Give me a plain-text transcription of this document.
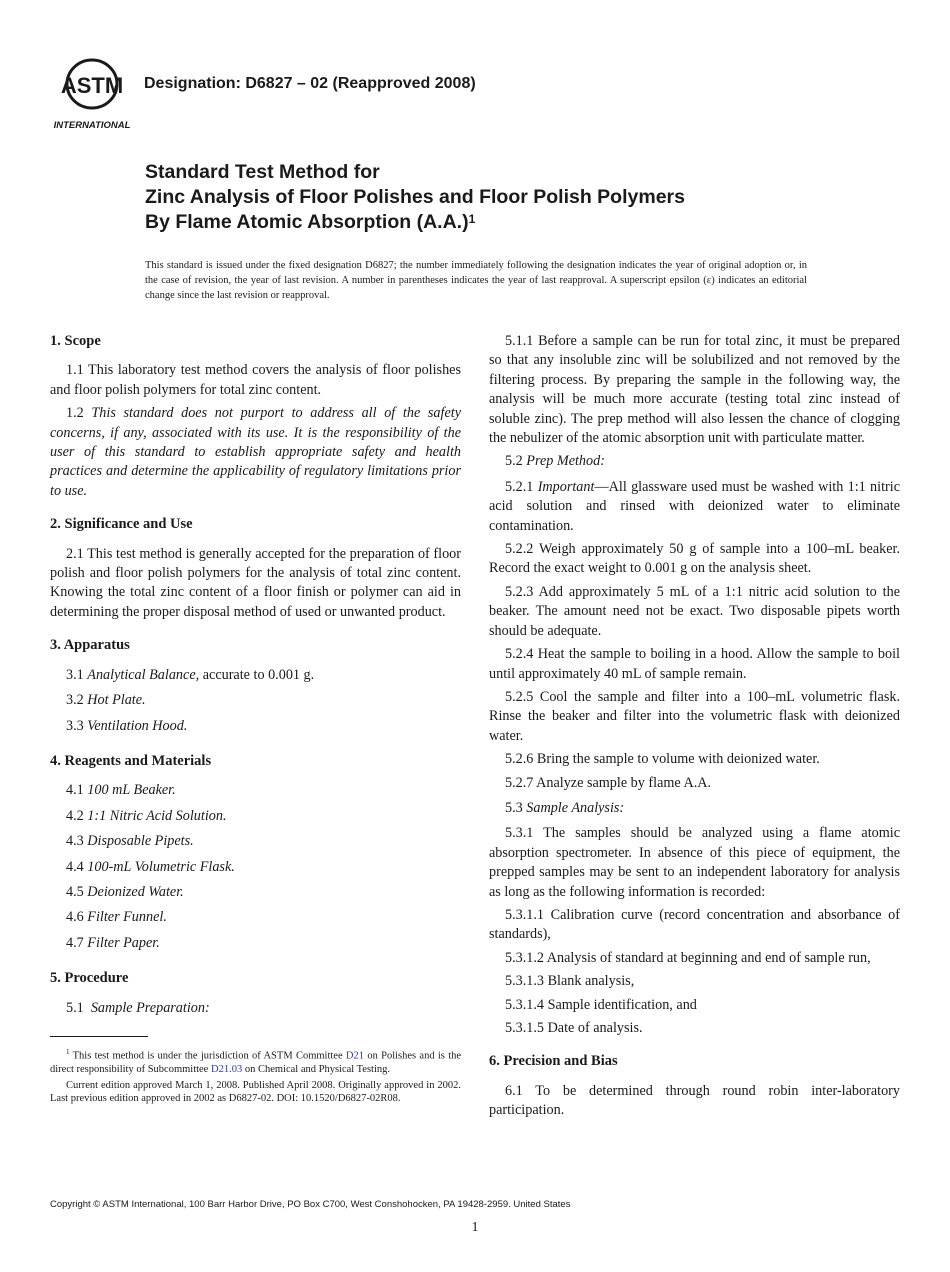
ASTM
INTERNATIONAL
Designation: D6827 – 02 (Reapproved 2008)
Standard Test Method for
Zinc Analysis of Floor Polishes and Floor Polish Polymers
By Flame Atomic Absorption $(A.A.)^1$
This standard is issued under the fixed designation D6827; the number immediately following the designation indicates the year of original adoption or, in the case of revision, the year of last revision. A number in parentheses indicates the year of last reapproval. A superscript epsilon (ε) indicates an editorial change since the last revision or reapproval.
1. Scope

1.1 This laboratory test method covers the analysis of floor polishes and floor polish polymers for total zinc content.

1.2 This standard does not purport to address all of the safety concerns, if any, associated with its use. It is the responsibility of the user of this standard to establish appropriate safety and health practices and determine the applicability of regulatory limitations prior to use.

2. Significance and Use

2.1 This test method is generally accepted for the preparation of floor polish and floor polish polymers for the analysis of total zinc content. Knowing the total zinc content of a floor finish or polymer can aid in determining the proper disposal method of used or unwanted product.

3. Apparatus

3.1 Analytical Balance, accurate to 0.001 g.

3.2 Hot Plate.

3.3 Ventilation Hood.

4. Reagents and Materials

4.1 100 mL Beaker.

4.2 1:1 Nitric Acid Solution.

4.3 Disposable Pipets.

4.4 100-mL Volumetric Flask.

4.5 Deionized Water.

4.6 Filter Funnel.

4.7 Filter Paper.

5. Procedure

5.1 Sample Preparation:

$^1$ This test method is under the jurisdiction of ASTM Committee D21 on Polishes and is the direct responsibility of Subcommittee D21.03 on Chemical and Physical Testing.

Current edition approved March 1, 2008. Published April 2008. Originally approved in 2002. Last previous edition approved in 2002 as D6827-02. DOI: 10.1520/D6827-02R08.

5.1.1 Before a sample can be run for total zinc, it must be prepared so that any insoluble zinc will be solubilized and not removed by the filtering process. By preparing the sample in the following way, the analysis will be much more accurate (testing total zinc instead of soluble zinc). The prep method will also lessen the chance of clogging the nebulizer of the atomic absorption unit with particulate matter.

5.2 Prep Method:

5.2.1 Important—All glassware used must be washed with 1:1 nitric acid solution and rinsed with deionized water to eliminate contamination.

5.2.2 Weigh approximately 50 g of sample into a 100–mL beaker. Record the exact weight to 0.001 g on the analysis sheet.

5.2.3 Add approximately 5 mL of a 1:1 nitric acid solution to the beaker. The amount need not be exact. Two disposable pipets worth should be adequate.

5.2.4 Heat the sample to boiling in a hood. Allow the sample to boil until approximately 40 mL of sample remain.

5.2.5 Cool the sample and filter into a 100–mL volumetric flask. Rinse the beaker and filter into the volumetric flask with deionized water.

5.2.6 Bring the sample to volume with deionized water.

5.2.7 Analyze sample by flame A.A.

5.3 Sample Analysis:

5.3.1 The samples should be analyzed using a flame atomic absorption spectrometer. In absence of this piece of equipment, the prepped samples may be sent to an independent laboratory for analysis as long as the following information is recorded:

5.3.1.1 Calibration curve (record concentration and absorbance of standards),

5.3.1.2 Analysis of standard at beginning and end of sample run,

5.3.1.3 Blank analysis,

5.3.1.4 Sample identification, and

5.3.1.5 Date of analysis.

6. Precision and Bias

6.1 To be determined through round robin inter-laboratory participation.

Copyright © ASTM International, 100 Barr Harbor Drive, PO Box C700, West Conshohocken, PA 19428-2959. United States
1
